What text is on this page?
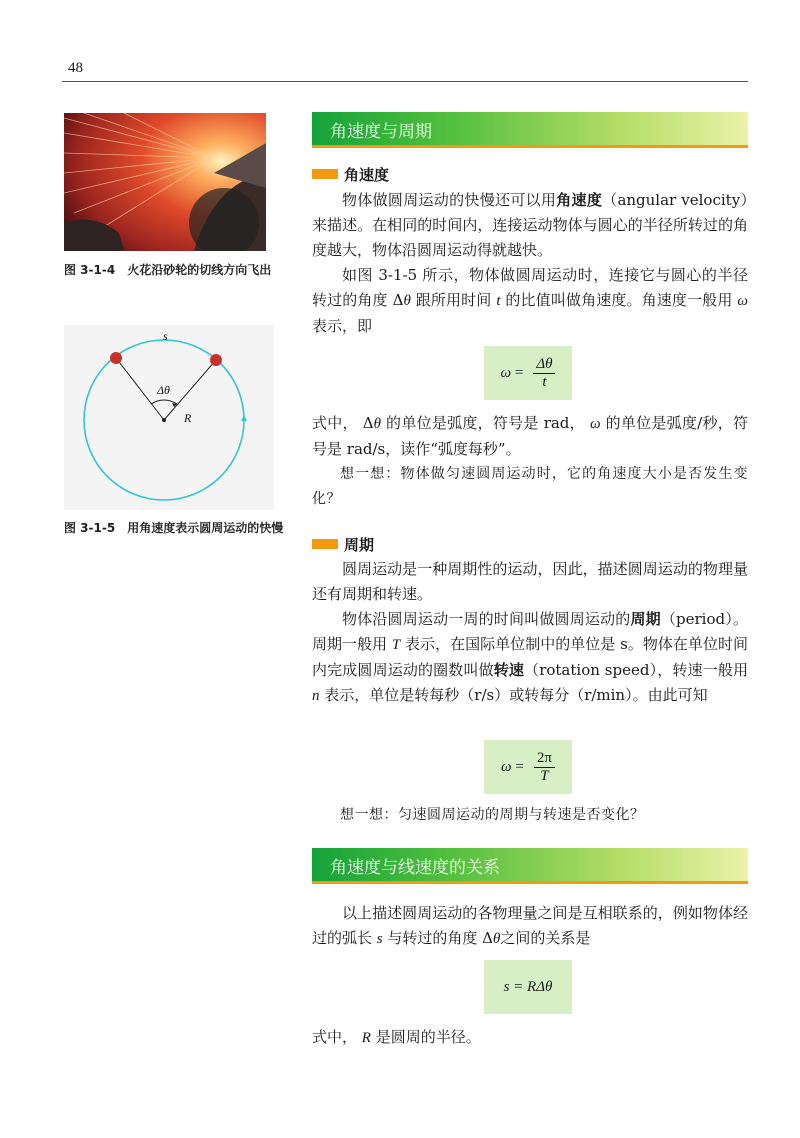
48
图 3-1-4　火花沿砂轮的切线方向飞出
s
Δθ
R
图 3-1-5　用角速度表示圆周运动的快慢
角速度与周期
角速度

物体做圆周运动的快慢还可以用角速度（angular velocity）来描述。在相同的时间内，连接运动物体与圆心的半径所转过的角度越大，物体沿圆周运动得就越快。

如图 3-1-5 所示，物体做圆周运动时，连接它与圆心的半径转过的角度 Δθ 跟所用时间 t 的比值叫做角速度。角速度一般用 ω 表示，即

ω
= $\frac{\Delta\theta}{t}$

式中， Δθ 的单位是弧度，符号是 rad， ω 的单位是弧度/秒，符号是 rad/s，读作“弧度每秒”。

想一想：物体做匀速圆周运动时，它的角速度大小是否发生变化？

周期

圆周运动是一种周期性的运动，因此，描述圆周运动的物理量还有周期和转速。

物体沿圆周运动一周的时间叫做圆周运动的周期（period）。周期一般用 T 表示，在国际单位制中的单位是 s。物体在单位时间内完成圆周运动的圈数叫做转速（rotation speed），转速一般用 n 表示，单位是转每秒（r/s）或转每分（r/min）。由此可知

ω
= $\frac{2\pi}{T}$

想一想：匀速圆周运动的周期与转速是否变化？

角速度与线速度的关系

以上描述圆周运动的各物理量之间是互相联系的，例如物体经过的弧长 s 与转过的角度 Δθ之间的关系是

s = RΔθ

式中， R 是圆周的半径。
